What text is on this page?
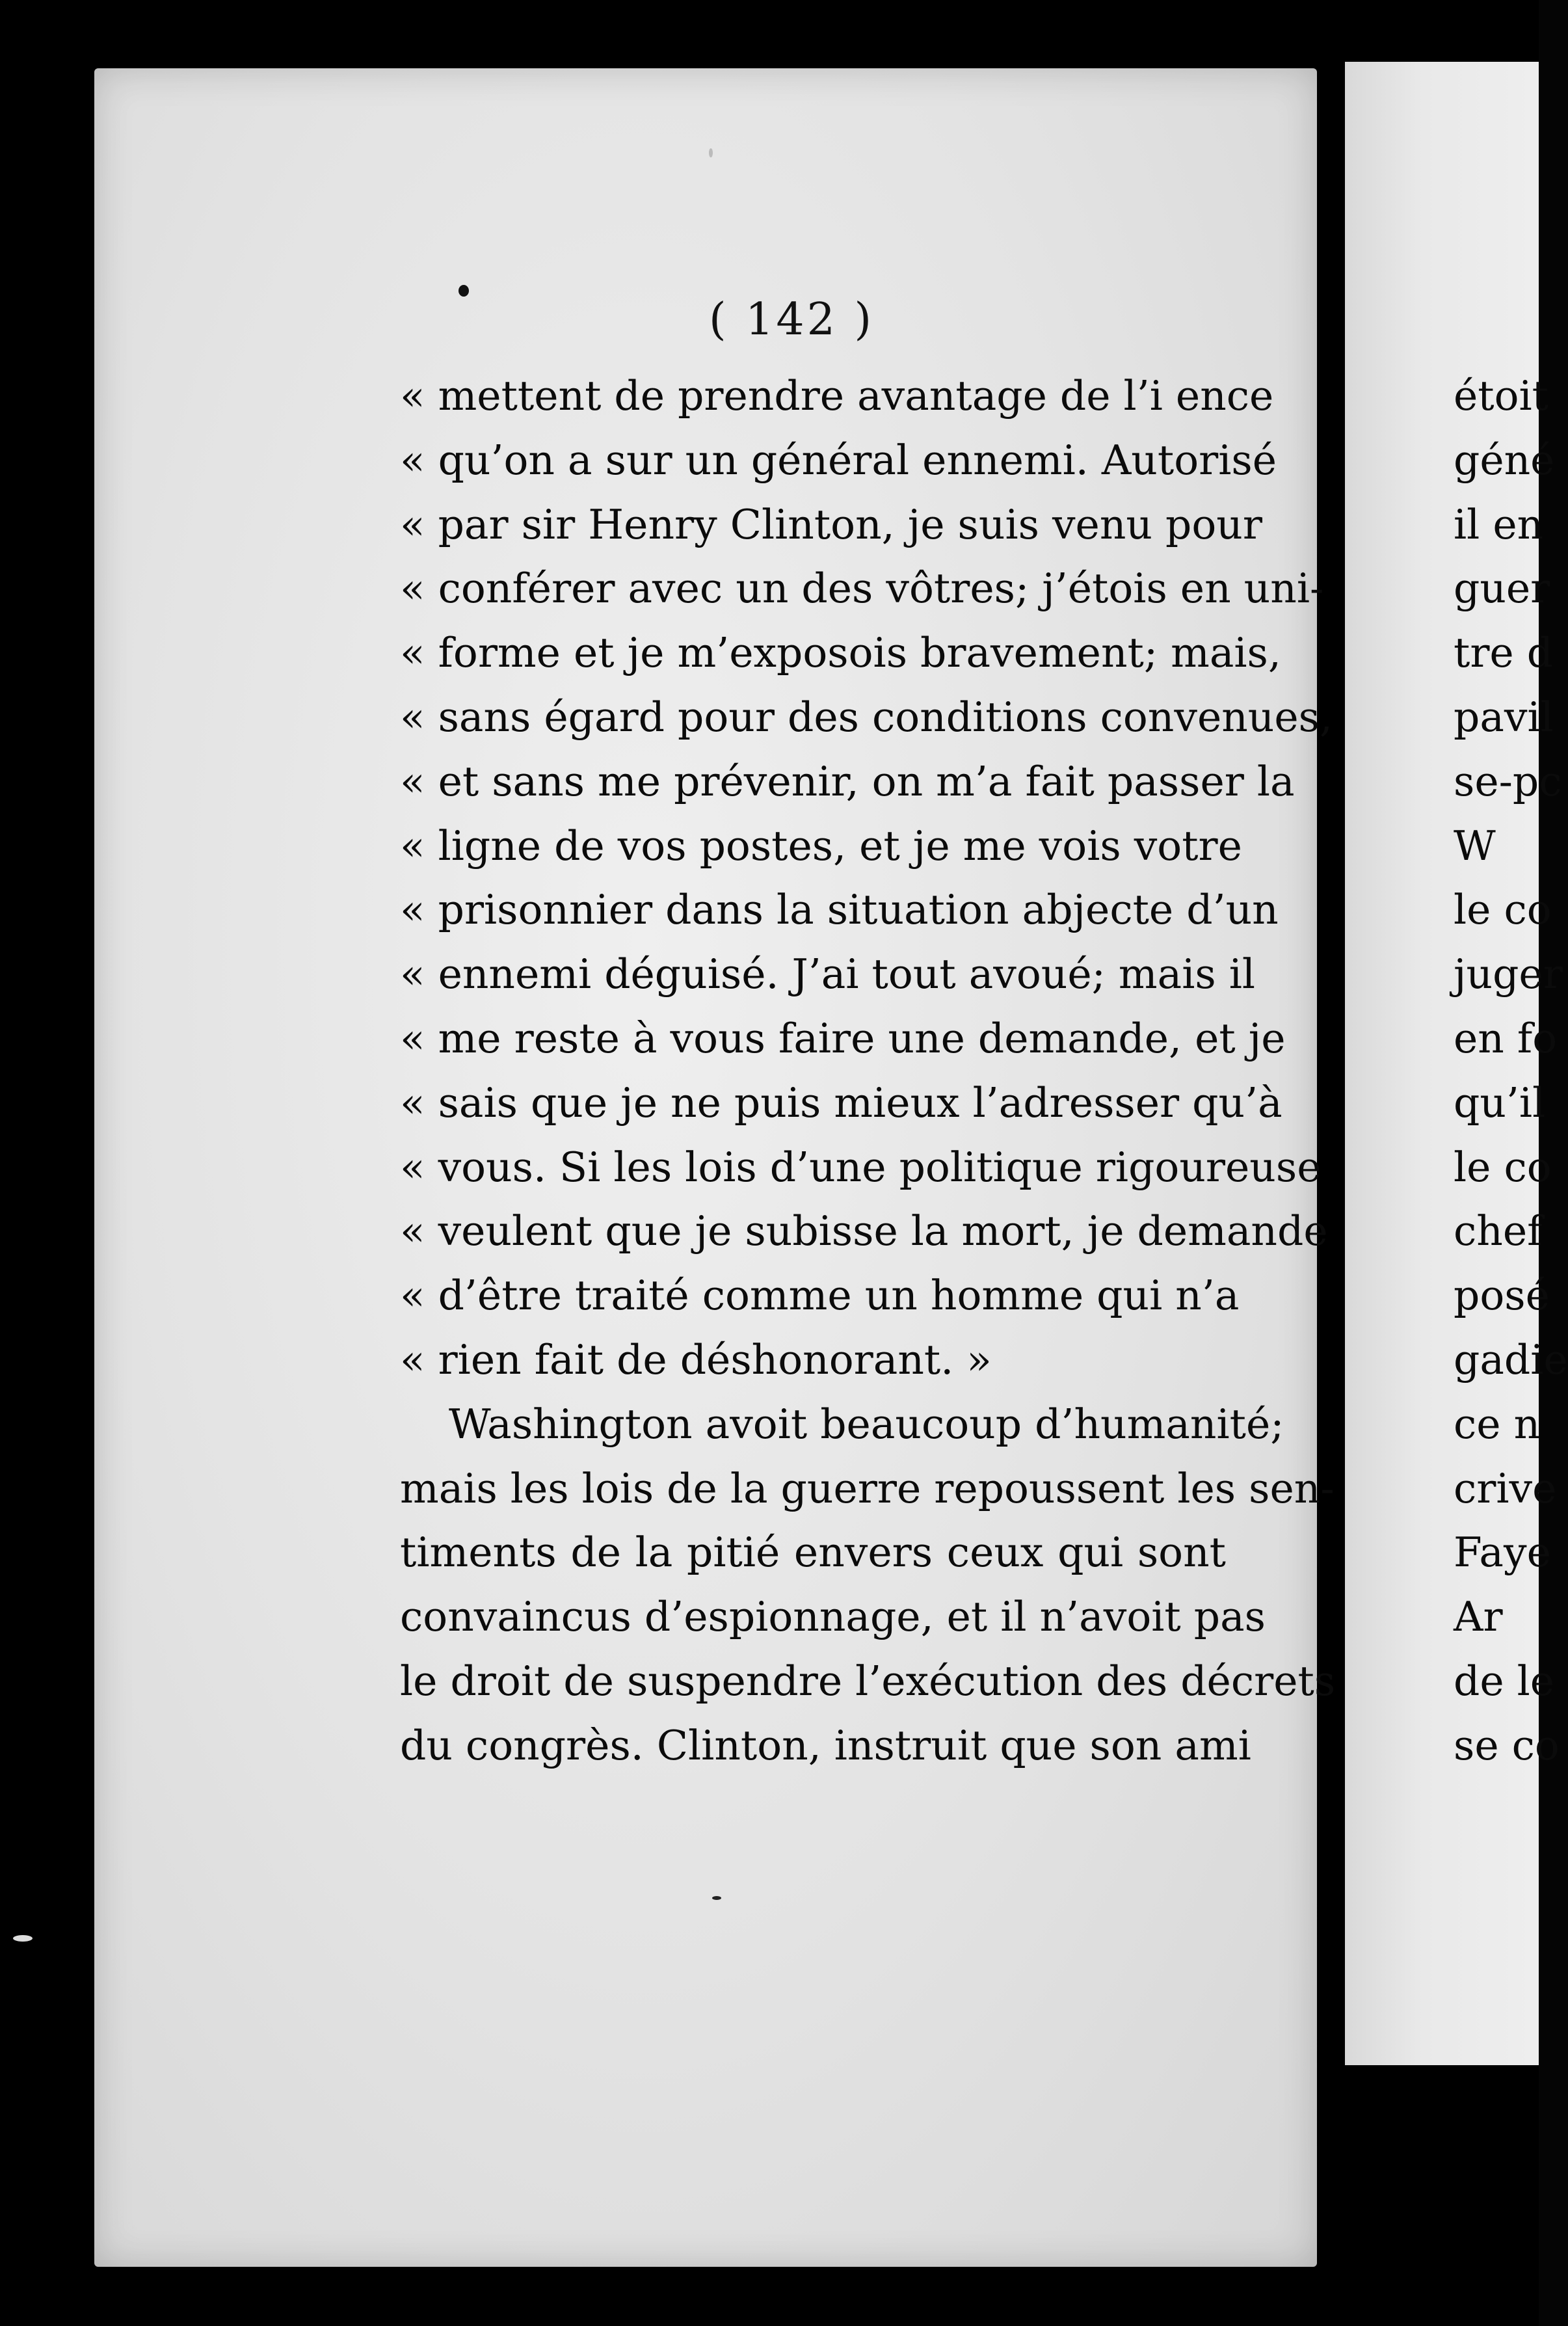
( 142 )
« mettent de prendre avantage de l’i ence
« qu’on a sur un général ennemi. Autorisé
« par sir Henry Clinton, je suis venu pour
« conférer avec un des vôtres; j’étois en uni-
« forme et je m’exposois bravement; mais,
« sans égard pour des conditions convenues,
« et sans me prévenir, on m’a fait passer la
« ligne de vos postes, et je me vois votre
« prisonnier dans la situation abjecte d’un
« ennemi déguisé. J’ai tout avoué; mais il
« me reste à vous faire une demande, et je
« sais que je ne puis mieux l’adresser qu’à
« vous. Si les lois d’une politique rigoureuse
« veulent que je subisse la mort, je demande
« d’être traité comme un homme qui n’a
« rien fait de déshonorant. »
Washington avoit beaucoup d’humanité;
mais les lois de la guerre repoussent les sen-
timents de la pitié envers ceux qui sont
convaincus d’espionnage, et il n’avoit pas
le droit de suspendre l’exécution des décrets
du congrès. Clinton, instruit que son ami
étoit
géné
il en
guer
tre d
pavil
se-pc
W
le co
juger
en fo
qu’il
le co
chef
posé
gadie
ce n
crive
Faye
Ar
de le
se co
